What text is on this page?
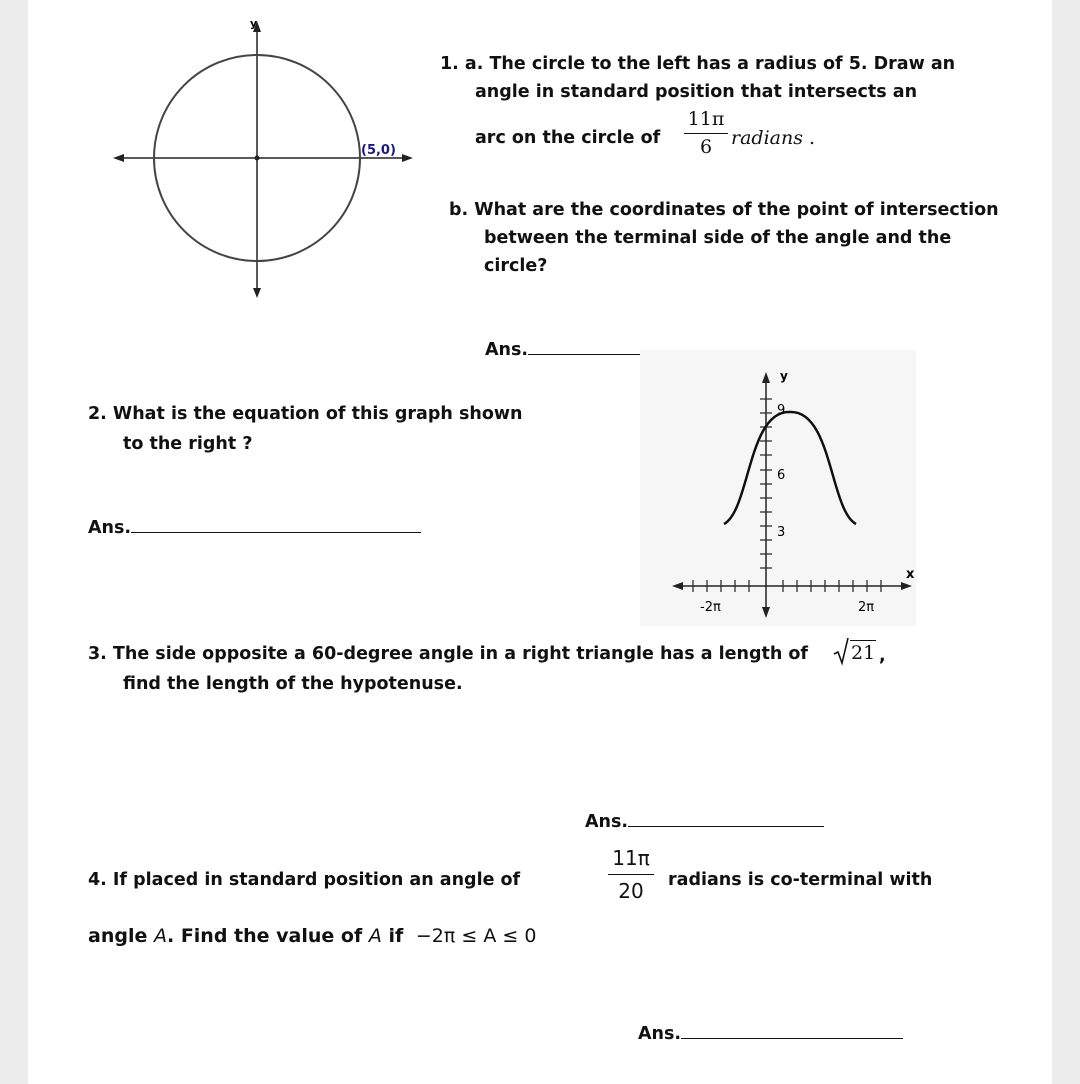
y
(5,0)
1. a. The circle to the left has a radius of 5. Draw an
angle in standard position that intersects an
arc on the circle of
11π
6 radians .
b. What are the coordinates of the point of intersection
between the terminal side of the angle and the
circle?
Ans.
2. What is the equation of this graph shown
to the right ?
Ans.
y
x
9
6
3
-2π	2π
3. The side opposite a 60-degree angle in a right triangle has a length of 21 ,
find the length of the hypotenuse.
Ans.
4. If placed in standard position an angle of
11π
20	radians is co-terminal with
angle A. Find the value of A if −2π ≤ A ≤ 0
Ans.
